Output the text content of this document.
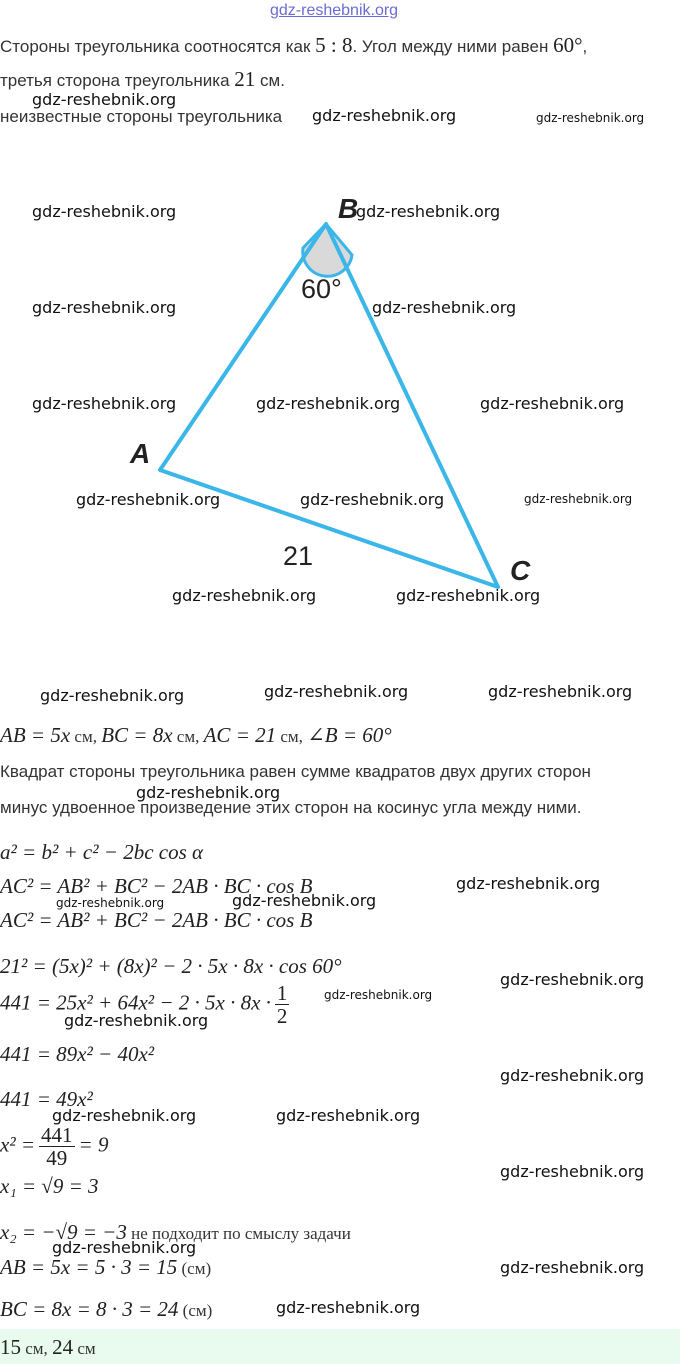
gdz-reshebnik.org
Стороны треугольника соотносятся как 5 : 8. Угол между ними равен 60°,
третья сторона треугольника 21 см.
неизвестные стороны треугольника
B
A
C
60°
21
AB = 5x см, BC = 8x см, AC = 21 см, ∠B = 60°
Квадрат стороны треугольника равен сумме квадратов двух других сторон
минус удвоенное произведение этих сторон на косинус угла между ними.
a² = b² + c² − 2bc cos α
AC² = AB² + BC² − 2AB · BC · cos B
AC² = AB² + BC² − 2AB · BC · cos B
21² = (5x)² + (8x)² − 2 · 5x · 8x · cos 60°
$441 = 25x^2 + 64x^2 - 2 \cdot 5x \cdot 8x \cdot \frac{1}{2}$
441 = 89x² − 40x²
441 = 49x²
$x^2 = \frac{441}{49} = 9$
x₁ = √9 = 3
x₂ = −√9 = −3 не подходит по смыслу задачи
AB = 5x = 5 · 3 = 15 (см)
BC = 8x = 8 · 3 = 24 (см)
15 см, 24 см
gdz-reshebnik.org
gdz-reshebnik.org	gdz-reshebnik.org
gdz-reshebnik.org	gdz-reshebnik.org
gdz-reshebnik.org	gdz-reshebnik.org
gdz-reshebnik.org	gdz-reshebnik.org	gdz-reshebnik.org
gdz-reshebnik.org	gdz-reshebnik.org	gdz-reshebnik.org
gdz-reshebnik.org	gdz-reshebnik.org
gdz-reshebnik.org	gdz-reshebnik.org	gdz-reshebnik.org
gdz-reshebnik.org
gdz-reshebnik.org
gdz-reshebnik.org	gdz-reshebnik.org
gdz-reshebnik.org
gdz-reshebnik.org
gdz-reshebnik.org
gdz-reshebnik.org
gdz-reshebnik.org	gdz-reshebnik.org
gdz-reshebnik.org
gdz-reshebnik.org
gdz-reshebnik.org
gdz-reshebnik.org
